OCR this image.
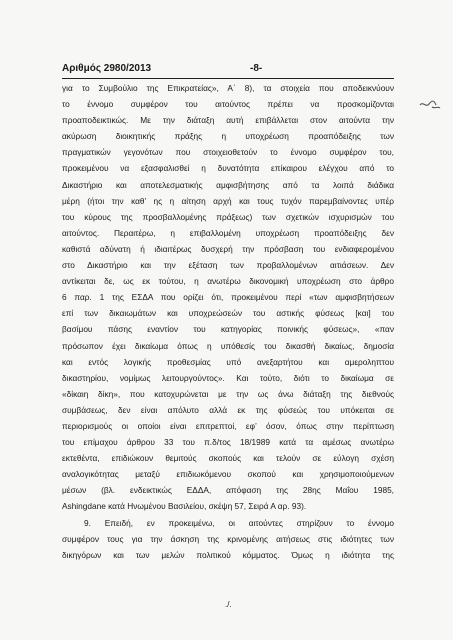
Αριθμός 2980/2013	-8-
για το Συμβούλιο της Επικρατείας», Α΄ 8), τα στοιχεία που αποδεικνύουν
το έννομο συμφέρον του αιτούντος πρέπει να προσκομίζονται
προαποδεικτικώς. Με την διάταξη αυτή επιβάλλεται στον αιτούντα την
ακύρωση διοικητικής πράξης η υποχρέωση προαπόδειξης των
πραγματικών γεγονότων που στοιχειοθετούν το έννομο συμφέρον του,
προκειμένου να εξασφαλισθεί η δυνατότητα επίκαιρου ελέγχου από το
Δικαστήριο και αποτελεσματικής αμφισβήτησης από τα λοιπά διάδικα
μέρη (ήτοι την καθ’ ης η αίτηση αρχή και τους τυχόν παρεμβαίνοντες υπέρ
του κύρους της προσβαλλομένης πράξεως) των σχετικών ισχυρισμών του
αιτούντος. Περαιτέρω, η επιβαλλομένη υποχρέωση προαπόδειξης δεν
καθιστά αδύνατη ή ιδιαιτέρως δυσχερή την πρόσβαση του ενδιαφερομένου
στο Δικαστήριο και την εξέταση των προβαλλομένων αιτιάσεων. Δεν
αντίκειται δε, ως εκ τούτου, η ανωτέρω δικονομική υποχρέωση στο άρθρο
6 παρ. 1 της ΕΣΔΑ που ορίζει ότι, προκειμένου περί «των αμφισβητήσεων
επί των δικαιωμάτων και υποχρεώσεών του αστικής φύσεως [και] του
βασίμου πάσης εναντίον του κατηγορίας ποινικής φύσεως», «παν
πρόσωπον έχει δικαίωμα όπως η υπόθεσίς του δικασθή δικαίως, δημοσία
και εντός λογικής προθεσμίας υπό ανεξαρτήτου και αμεροληπτου
δικαστηρίου, νομίμως λειτουργούντος». Και τούτο, διότι το δικαίωμα σε
«δίκαιη δίκη», που κατοχυρώνεται με την ως άνω διάταξη της διεθνούς
συμβάσεως, δεν είναι απόλυτο αλλά εκ της φύσεώς του υπόκειται σε
περιορισμούς οι οποίοι είναι επιτρεπτοί, εφ’ όσον, όπως στην περίπτωση
του επίμαχου άρθρου 33 του π.δ/τος 18/1989 κατά τα αμέσως ανωτέρω
εκτεθέντα, επιδιώκουν θεμιτούς σκοπούς και τελούν σε εύλογη σχέση
αναλογικότητας μεταξύ επιδιωκόμενου σκοπού και χρησιμοποιούμενων
μέσων (βλ. ενδεικτικώς ΕΔΔΑ, απόφαση της 28ης Μαΐου 1985,
Ashingdane κατά Ηνωμένου Βασιλείου, σκέψη 57, Σειρά Α αρ. 93).
9. Επειδή, εν προκειμένω, οι αιτούντες στηρίζουν το έννομο
συμφέρον τους για την άσκηση της κρινομένης αιτήσεως στις ιδιότητες των
δικηγόρων και των μελών πολιτικού κόμματος. Όμως η ιδιότητα της
./.
